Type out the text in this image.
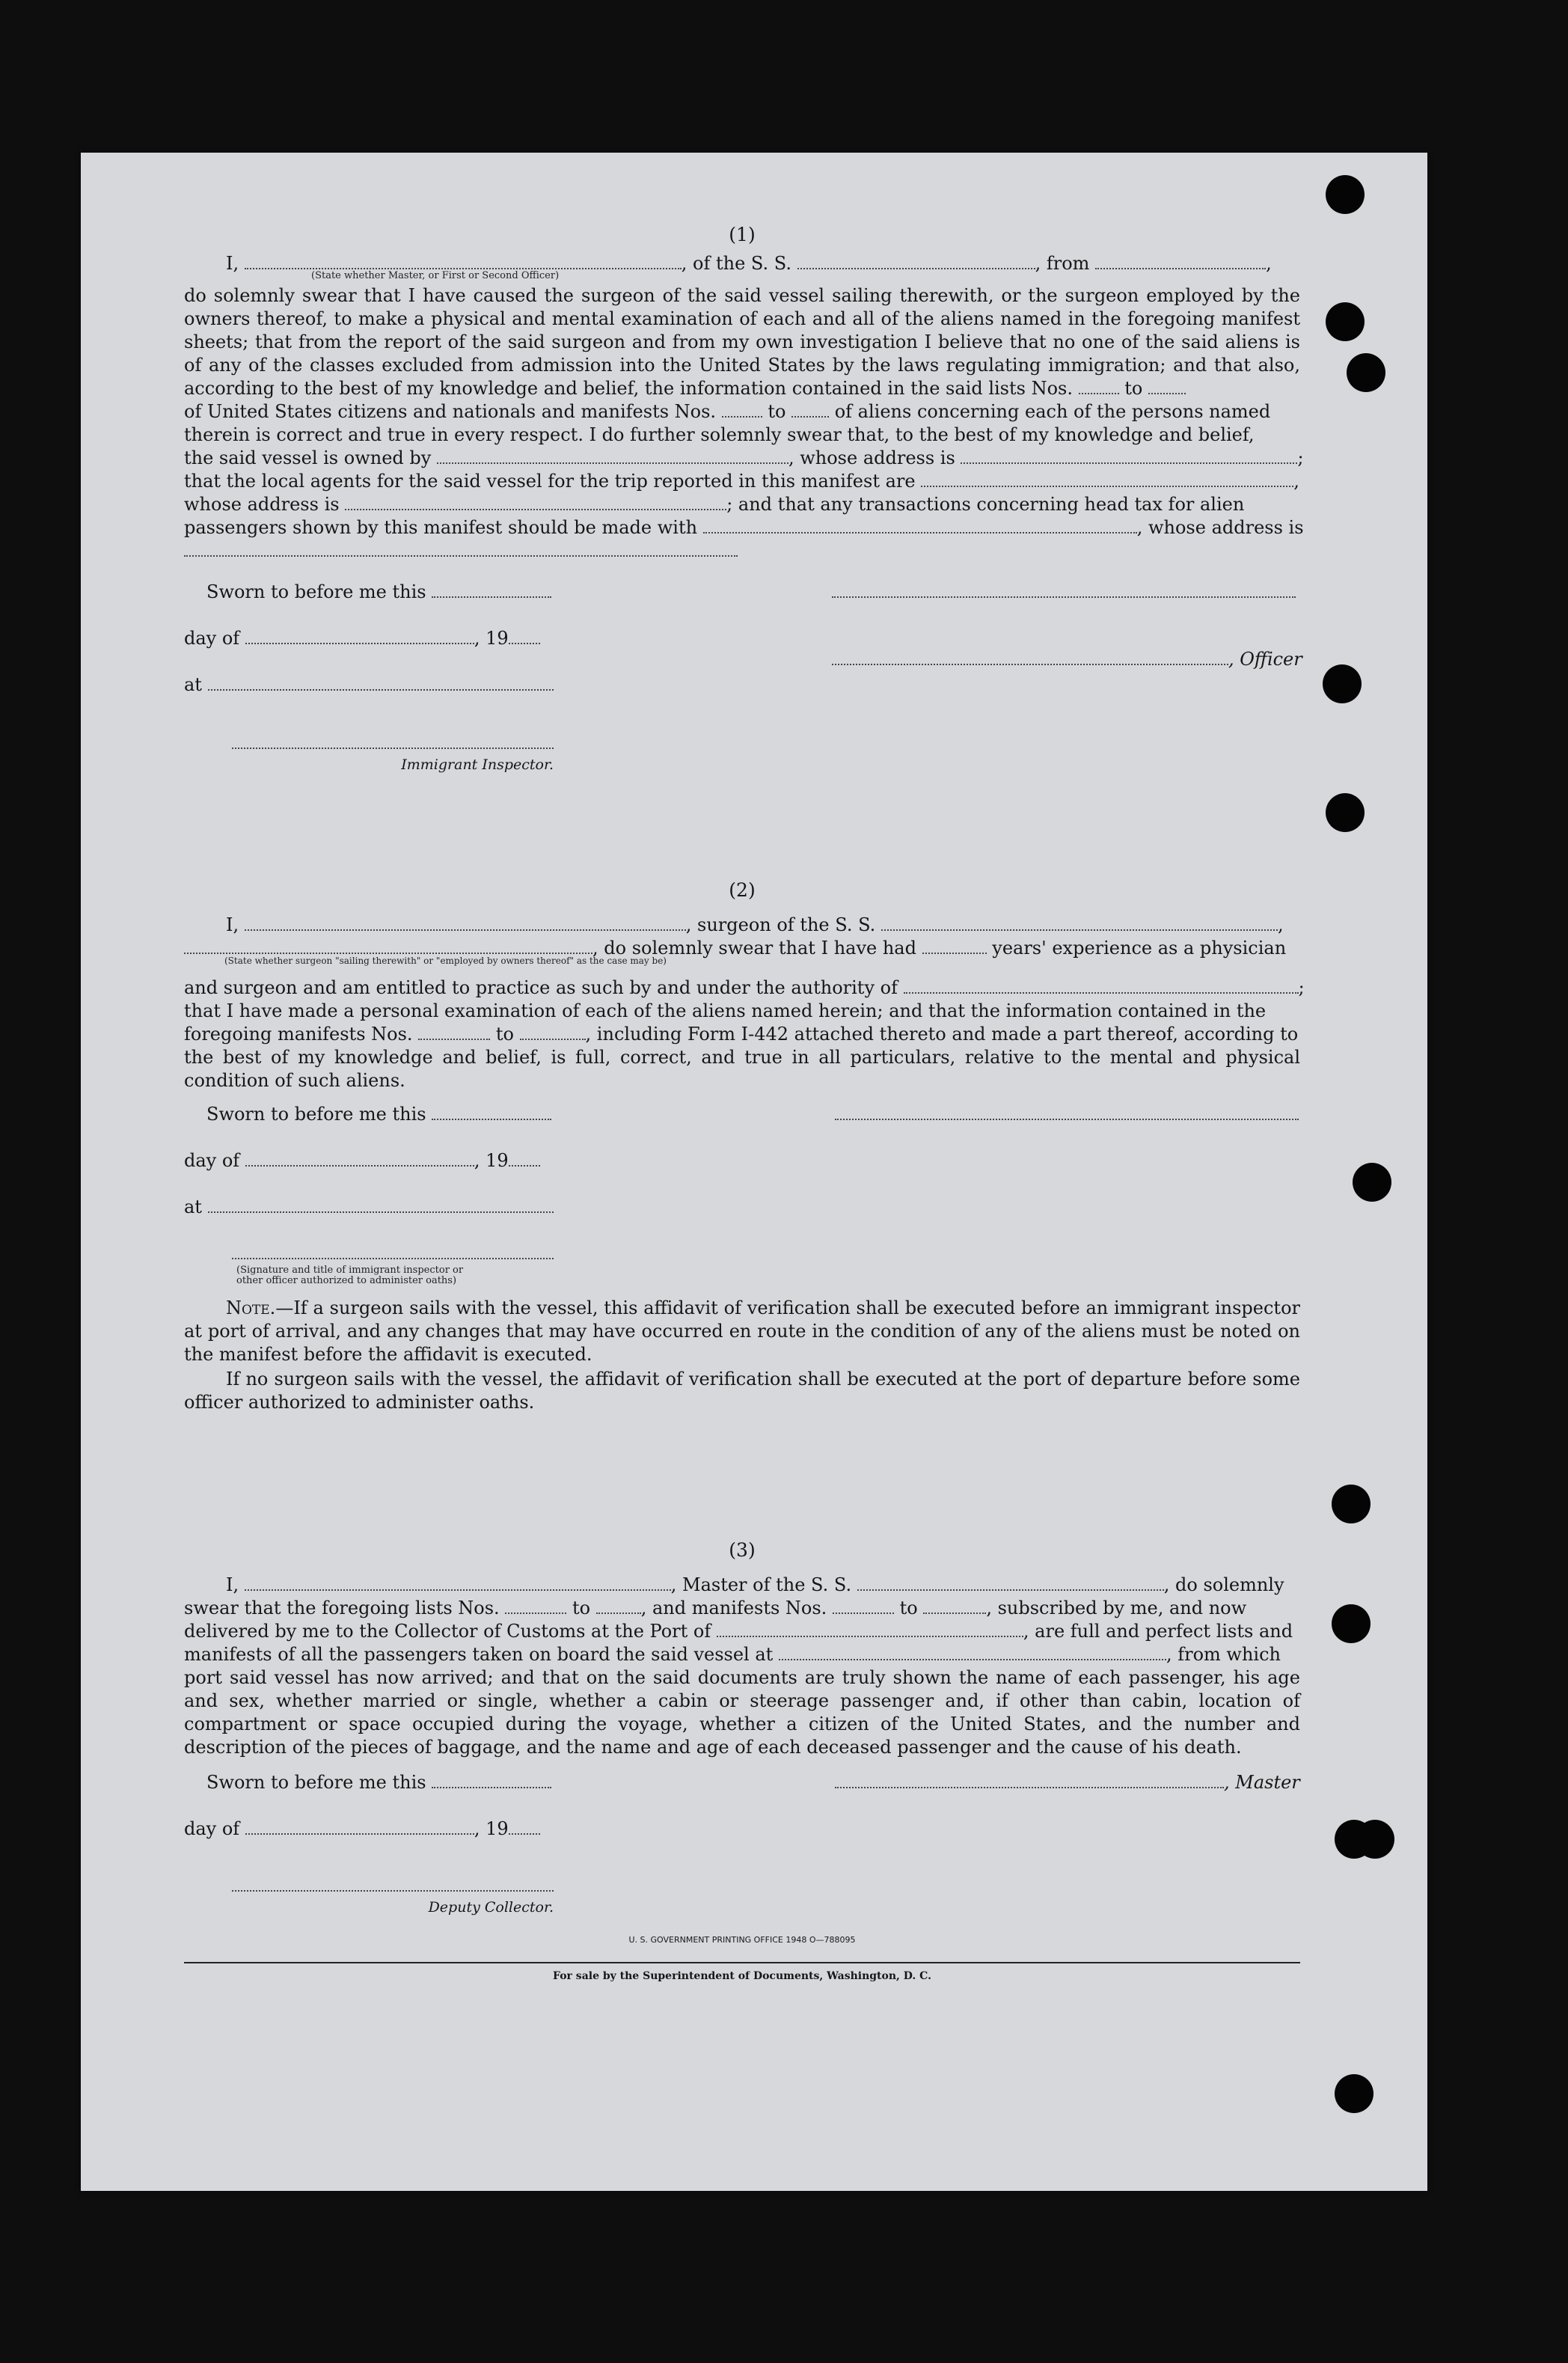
(1)

I,	, of the S. S.	, from	,

(State whether Master, or First or Second Officer)

do solemnly swear that I have caused the surgeon of the said vessel sailing therewith, or the surgeon employed by the owners thereof, to make a physical and mental examination of each and all of the aliens named in the foregoing manifest sheets; that from the report of the said surgeon and from my own investigation I believe that no one of the said aliens is of any of the classes excluded from admission into the United States by the laws regulating immigration; and that also, according to the best of my knowledge and belief, the information contained in the said lists Nos.	to

of United States citizens and nationals and manifests Nos.	to	of aliens concerning each of the persons named

therein is correct and true in every respect. I do further solemnly swear that, to the best of my knowledge and belief,

the said vessel is owned by	, whose address is	;

that the local agents for the said vessel for the trip reported in this manifest are	,

whose address is	; and that any transactions concerning head tax for alien

passengers shown by this manifest should be made with	, whose address is

Sworn to before me this
day of	, 19
at
, Officer
Immigrant Inspector.

(2)

I,	, surgeon of the S. S.	,

, do solemnly swear that I have had	years' experience as a physician

(State whether surgeon "sailing therewith" or "employed by owners thereof" as the case may be)

and surgeon and am entitled to practice as such by and under the authority of	;

that I have made a personal examination of each of the aliens named herein; and that the information contained in the

foregoing manifests Nos.	to	, including Form I-442 attached thereto and made a part thereof, according to

the best of my knowledge and belief, is full, correct, and true in all particulars, relative to the mental and physical condition of such aliens.

Sworn to before me this
day of	, 19
at

(Signature and title of immigrant inspector or

other officer authorized to administer oaths)

Note.—If a surgeon sails with the vessel, this affidavit of verification shall be executed before an immigrant inspector at port of arrival, and any changes that may have occurred en route in the condition of any of the aliens must be noted on the manifest before the affidavit is executed.

If no surgeon sails with the vessel, the affidavit of verification shall be executed at the port of departure before some officer authorized to administer oaths.

(3)

I,	, Master of the S. S.	, do solemnly

swear that the foregoing lists Nos.	to	, and manifests Nos.	to	, subscribed by me, and now

delivered by me to the Collector of Customs at the Port of	, are full and perfect lists and

manifests of all the passengers taken on board the said vessel at	, from which

port said vessel has now arrived; and that on the said documents are truly shown the name of each passenger, his age and sex, whether married or single, whether a cabin or steerage passenger and, if other than cabin, location of compartment or space occupied during the voyage, whether a citizen of the United States, and the number and description of the pieces of baggage, and the name and age of each deceased passenger and the cause of his death.

Sworn to before me this
day of	, 19
, Master
Deputy Collector.

U. S. GOVERNMENT PRINTING OFFICE 1948 O—788095

For sale by the Superintendent of Documents, Washington, D. C.
